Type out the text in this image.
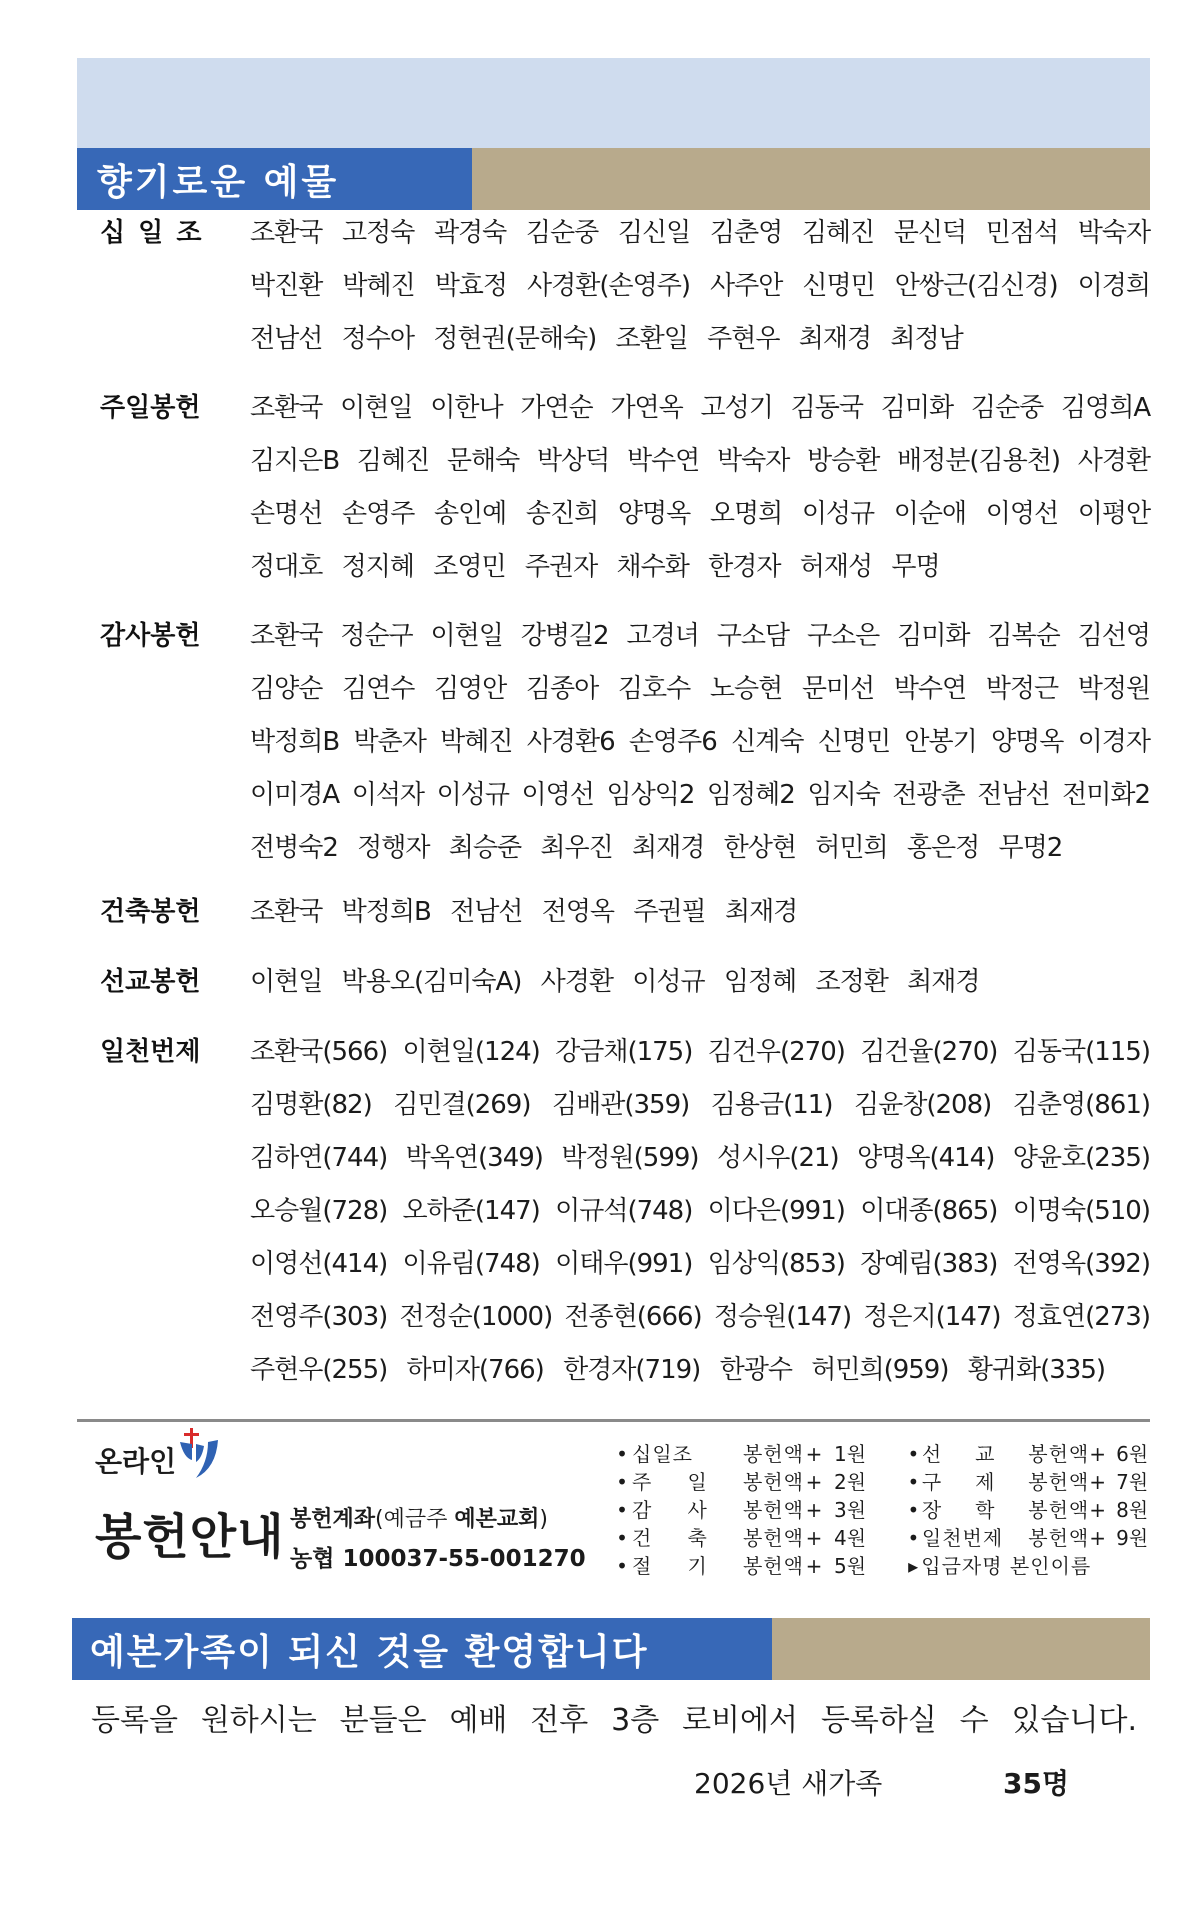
향기로운 예물
십 일 조	조환국 고정숙 곽경숙 김순중 김신일 김춘영 김혜진 문신덕 민점석 박숙자
박진환 박혜진 박효정 사경환(손영주) 사주안 신명민 안쌍근(김신경) 이경희
전남선 정수아 정현권(문해숙) 조환일 주현우 최재경 최정남
주일봉헌	조환국 이현일 이한나 가연순 가연옥 고성기 김동국 김미화 김순중 김영희A
김지은B 김혜진 문해숙 박상덕 박수연 박숙자 방승환 배정분(김용천) 사경환
손명선 손영주 송인예 송진희 양명옥 오명희 이성규 이순애 이영선 이평안
정대호 정지혜 조영민 주권자 채수화 한경자 허재성 무명
감사봉헌	조환국 정순구 이현일 강병길2 고경녀 구소담 구소은 김미화 김복순 김선영
김양순 김연수 김영안 김종아 김호수 노승현 문미선 박수연 박정근 박정원
박정희B 박춘자 박혜진 사경환6 손영주6 신계숙 신명민 안봉기 양명옥 이경자
이미경A 이석자 이성규 이영선 임상익2 임정혜2 임지숙 전광춘 전남선 전미화2
전병숙2 정행자 최승준 최우진 최재경 한상현 허민희 홍은정 무명2
건축봉헌	조환국 박정희B 전남선 전영옥 주권필 최재경
선교봉헌	이현일 박용오(김미숙A) 사경환 이성규 임정혜 조정환 최재경
일천번제	조환국(566) 이현일(124) 강금채(175) 김건우(270) 김건율(270) 김동국(115)
김명환(82) 김민결(269) 김배관(359) 김용금(11) 김윤창(208) 김춘영(861)
김하연(744) 박옥연(349) 박정원(599) 성시우(21) 양명옥(414) 양윤호(235)
오승월(728) 오하준(147) 이규석(748) 이다은(991) 이대종(865) 이명숙(510)
이영선(414) 이유림(748) 이태우(991) 임상익(853) 장예림(383) 전영옥(392)
전영주(303) 전정순(1000) 전종현(666) 정승원(147) 정은지(147) 정효연(273)
주현우(255) 하미자(766) 한경자(719) 한광수 허민희(959) 황귀화(335)
온라인
봉헌안내 봉헌계좌(예금주 예본교회)
농협 100037-55-001270
• 십일조 봉헌액 + 1원
• 주 일 봉헌액 + 2원
• 감 사 봉헌액 + 3원
• 건 축 봉헌액 + 4원
• 절 기 봉헌액 + 5원
• 선 교 봉헌액 + 6원
• 구 제 봉헌액 + 7원
• 장 학 봉헌액 + 8원
• 일천번제 봉헌액 + 9원
▸ 입금자명 본인이름
예본가족이 되신 것을 환영합니다
등록을 원하시는 분들은 예배 전후 3층 로비에서 등록하실 수 있습니다.
2026년 새가족	35명
